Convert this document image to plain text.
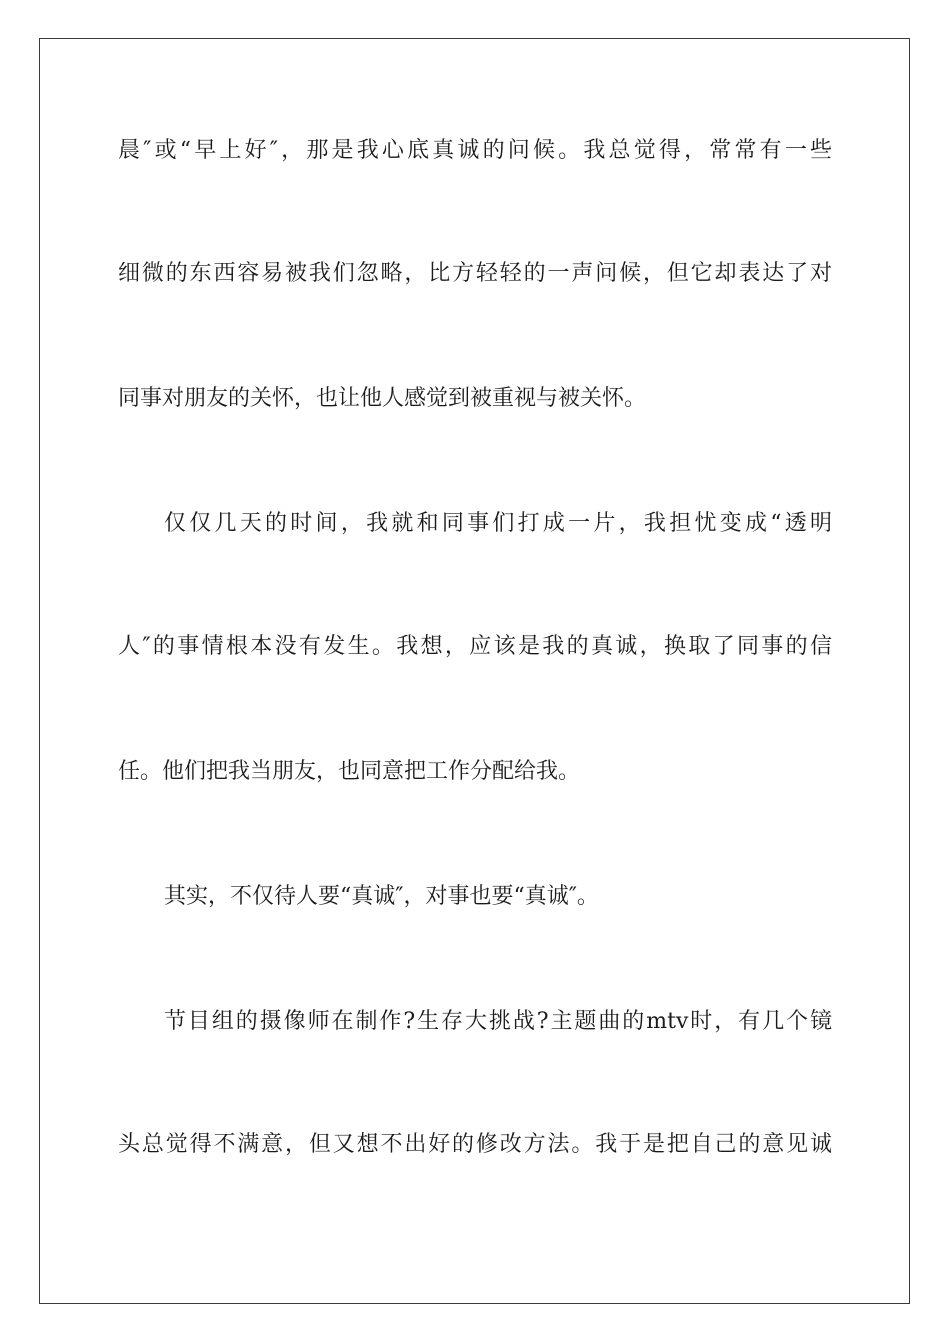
晨″或“早上好″，那是我心底真诚的问候。我总觉得，常常有一些
细微的东西容易被我们忽略，比方轻轻的一声问候，但它却表达了对
同事对朋友的关怀，也让他人感觉到被重视与被关怀。
仅仅几天的时间，我就和同事们打成一片，我担忧变成“透明
人″的事情根本没有发生。我想，应该是我的真诚，换取了同事的信
任。他们把我当朋友，也同意把工作分配给我。
其实，不仅待人要“真诚″，对事也要“真诚″。
节目组的摄像师在制作?生存大挑战?主题曲的mtv时，有几个镜
头总觉得不满意，但又想不出好的修改方法。我于是把自己的意见诚
